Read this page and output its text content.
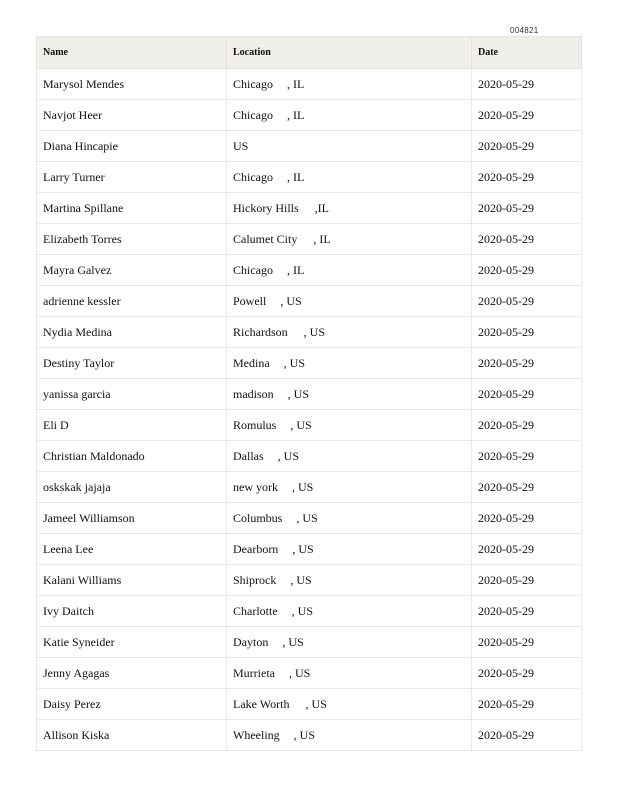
004821
Name	Location	Date
Marysol Mendes	Chicago , IL	2020-05-29
Navjot Heer	Chicago , IL	2020-05-29
Diana Hincapie	US	2020-05-29
Larry Turner	Chicago , IL	2020-05-29
Martina Spillane	Hickory Hills ,IL	2020-05-29
Elizabeth Torres	Calumet City , IL	2020-05-29
Mayra Galvez	Chicago , IL	2020-05-29
adrienne kessler	Powell , US	2020-05-29
Nydia Medina	Richardson , US	2020-05-29
Destiny Taylor	Medina , US	2020-05-29
yanissa garcia	madison , US	2020-05-29
Eli D	Romulus , US	2020-05-29
Christian Maldonado	Dallas , US	2020-05-29
oskskak jajaja	new york , US	2020-05-29
Jameel Williamson	Columbus , US	2020-05-29
Leena Lee	Dearborn , US	2020-05-29
Kalani Williams	Shiprock , US	2020-05-29
Ivy Daitch	Charlotte , US	2020-05-29
Katie Syneider	Dayton , US	2020-05-29
Jenny Agagas	Murrieta , US	2020-05-29
Daisy Perez	Lake Worth , US	2020-05-29
Allison Kiska	Wheeling , US	2020-05-29
